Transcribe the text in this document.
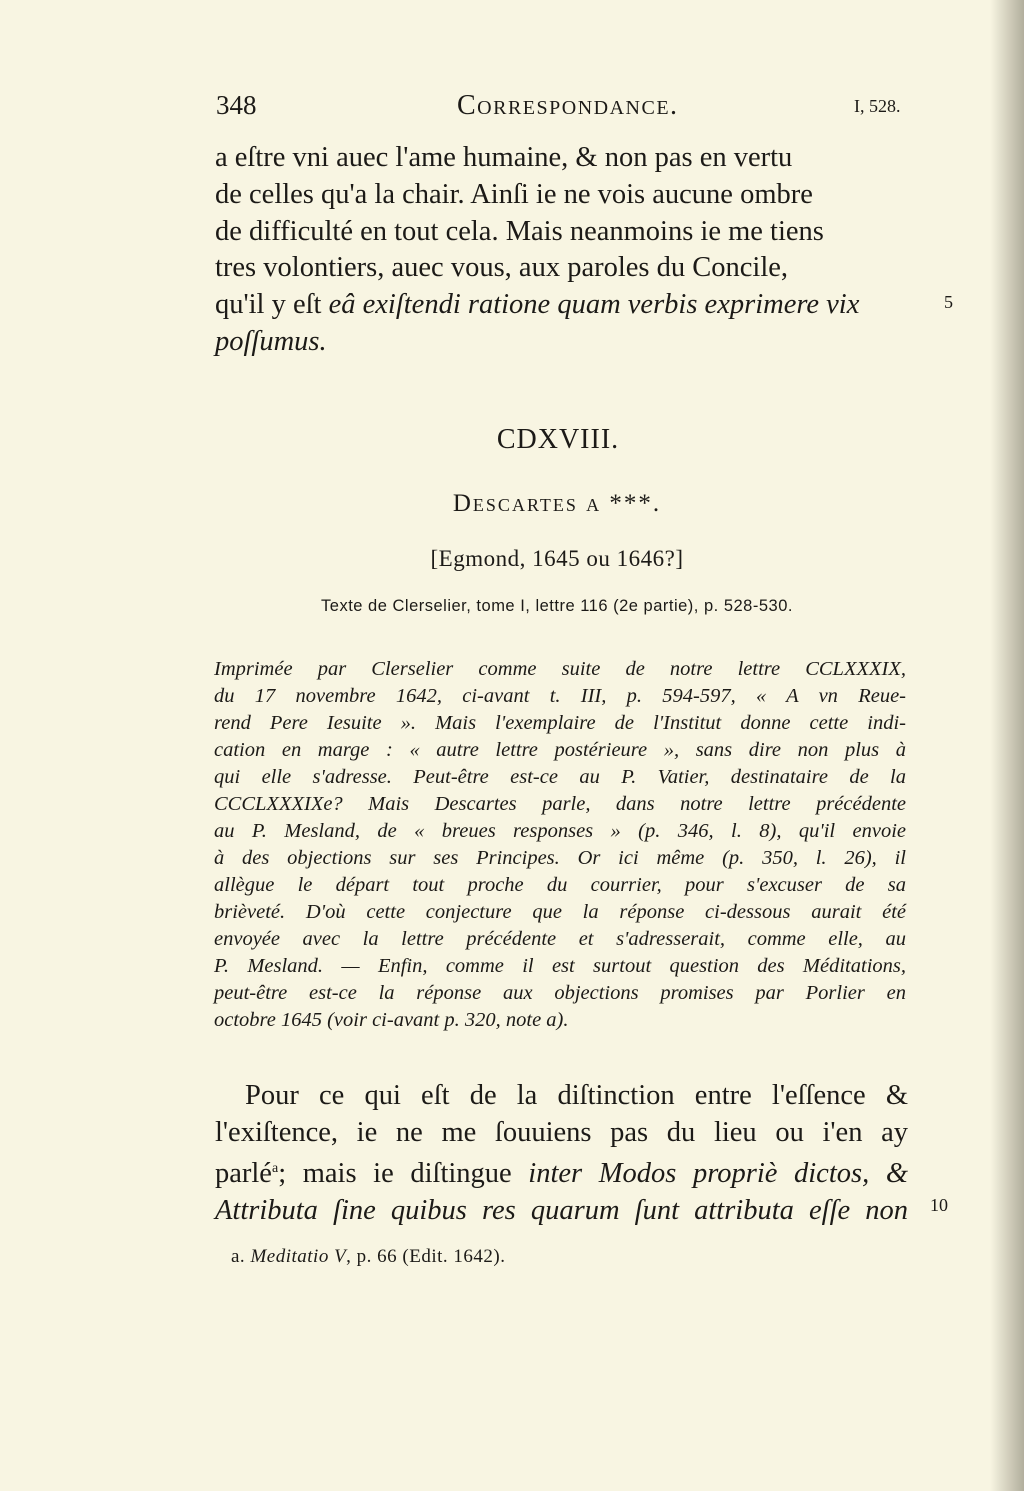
348	Correspondance.	I, 528.
a eſtre vni auec l'ame humaine, & non pas en vertu
de celles qu'a la chair. Ainſi ie ne vois aucune ombre
de difficulté en tout cela. Mais neanmoins ie me tiens
tres volontiers, auec vous, aux paroles du Concile,
qu'il y eſt eâ exiſtendi ratione quam verbis exprimere vix
poſſumus.
5
CDXVIII.
Descartes a ***.
[Egmond, 1645 ou 1646?]
Texte de Clerselier, tome I, lettre 116 (2e partie), p. 528-530.
Imprimée par Clerselier comme suite de notre lettre CCLXXXIX,
du 17 novembre 1642, ci-avant t. III, p. 594-597, « A vn Reue-
rend Pere Iesuite ». Mais l'exemplaire de l'Institut donne cette indi-
cation en marge : « autre lettre postérieure », sans dire non plus à
qui elle s'adresse. Peut-être est-ce au P. Vatier, destinataire de la
CCCLXXXIXe? Mais Descartes parle, dans notre lettre précédente
au P. Mesland, de « breues responses » (p. 346, l. 8), qu'il envoie
à des objections sur ses Principes. Or ici même (p. 350, l. 26), il
allègue le départ tout proche du courrier, pour s'excuser de sa
brièveté. D'où cette conjecture que la réponse ci-dessous aurait été
envoyée avec la lettre précédente et s'adresserait, comme elle, au
P. Mesland. — Enfin, comme il est surtout question des Méditations,
peut-être est-ce la réponse aux objections promises par Porlier en
octobre 1645 (voir ci-avant p. 320, note a).
Pour ce qui eſt de la diſtinction entre l'eſſence &
l'exiſtence, ie ne me ſouuiens pas du lieu ou i'en ay
parlé$^a$; mais ie diſtingue inter Modos propriè dictos, &
Attributa ſine quibus res quarum ſunt attributa eſſe non 10
a. Meditatio V, p. 66 (Edit. 1642).
